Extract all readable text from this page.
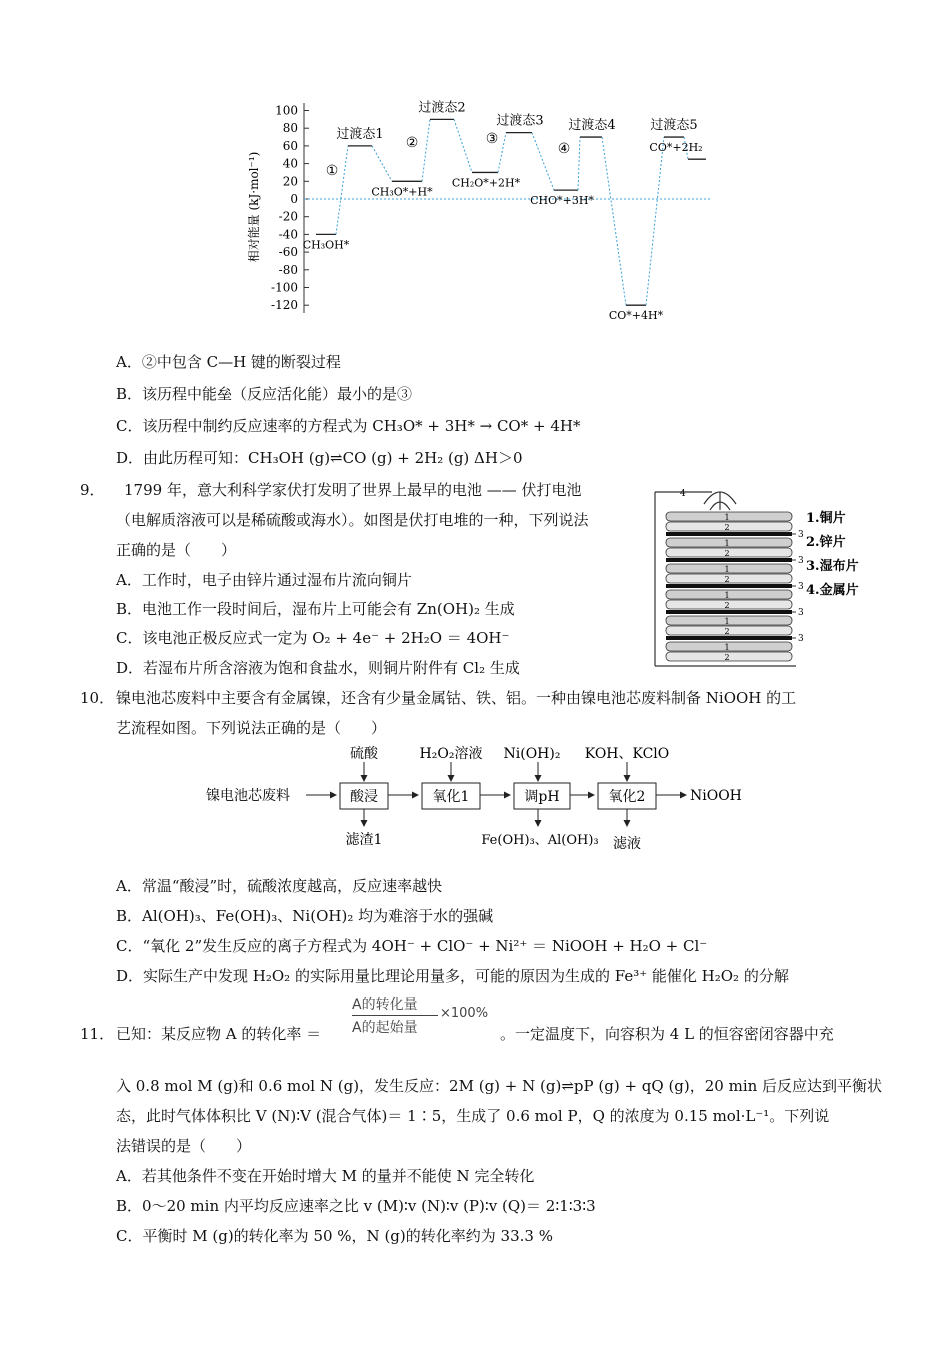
100
80
60
40
20
0
-20
-40
-60
-80
-100
-120
CH₃OH*
过渡态1
CH₃O*+H*
过渡态2
CH₂O*+2H*
过渡态3
CHO*+3H*
过渡态4
CO*+4H*
过渡态5
CO*+2H₂
①
②	③
④
相对能量 (kJ·mol⁻¹)
A．②中包含 C—H 键的断裂过程
B．该历程中能垒（反应活化能）最小的是③
C．该历程中制约反应速率的方程式为 CH₃O* + 3H* → CO* + 4H*
D．由此历程可知：CH₃OH (g)⇌CO (g) + 2H₂ (g) ΔH＞0
9． 1799 年，意大利科学家伏打发明了世界上最早的电池 —— 伏打电池
（电解质溶液可以是稀硫酸或海水）。如图是伏打电堆的一种，下列说法
正确的是（　　）
A．工作时，电子由锌片通过湿布片流向铜片
B．电池工作一段时间后，湿布片上可能会有 Zn(OH)₂ 生成
C．该电池正极反应式一定为 O₂ + 4e⁻ + 2H₂O ＝ 4OH⁻
D．若湿布片所含溶液为饱和食盐水，则铜片附件有 Cl₂ 生成
4
1
2
3
1
2
3
1
2
3
1
2
3
1
2
3
1
2
1.铜片
2.锌片
3.湿布片
4.金属片
10． 镍电池芯废料中主要含有金属镍，还含有少量金属钴、铁、铝。一种由镍电池芯废料制备 NiOOH 的工
艺流程如图。下列说法正确的是（　　）
镍电池芯废料	酸浸	氧化1	调pH	氧化2	NiOOH
硫酸	H₂O₂溶液 Ni(OH)₂ KOH、KClO
滤渣1	Fe(OH)₃、Al(OH)₃ 滤液
A．常温“酸浸”时，硫酸浓度越高，反应速率越快
B．Al(OH)₃、Fe(OH)₃、Ni(OH)₂ 均为难溶于水的强碱
C．“氧化 2”发生反应的离子方程式为 4OH⁻ + ClO⁻ + Ni²⁺ ＝ NiOOH + H₂O + Cl⁻
D．实际生产中发现 H₂O₂ 的实际用量比理论用量多，可能的原因为生成的 Fe³⁺ 能催化 H₂O₂ 的分解
11． 已知：某反应物 A 的转化率 ＝
A的转化量
A的起始量
×100%
。一定温度下，向容积为 4 L 的恒容密闭容器中充
入 0.8 mol M (g)和 0.6 mol N (g)，发生反应：2M (g) + N (g)⇌pP (g) + qQ (g)，20 min 后反应达到平衡状
态，此时气体体积比 V (N)∶V (混合气体)＝ 1∶5，生成了 0.6 mol P，Q 的浓度为 0.15 mol·L⁻¹。下列说
法错误的是（　　）
A．若其他条件不变在开始时增大 M 的量并不能使 N 完全转化
B．0～20 min 内平均反应速率之比 v (M)∶v (N)∶v (P)∶v (Q)＝ 2∶1∶3∶3
C．平衡时 M (g)的转化率为 50 %，N (g)的转化率约为 33.3 %
